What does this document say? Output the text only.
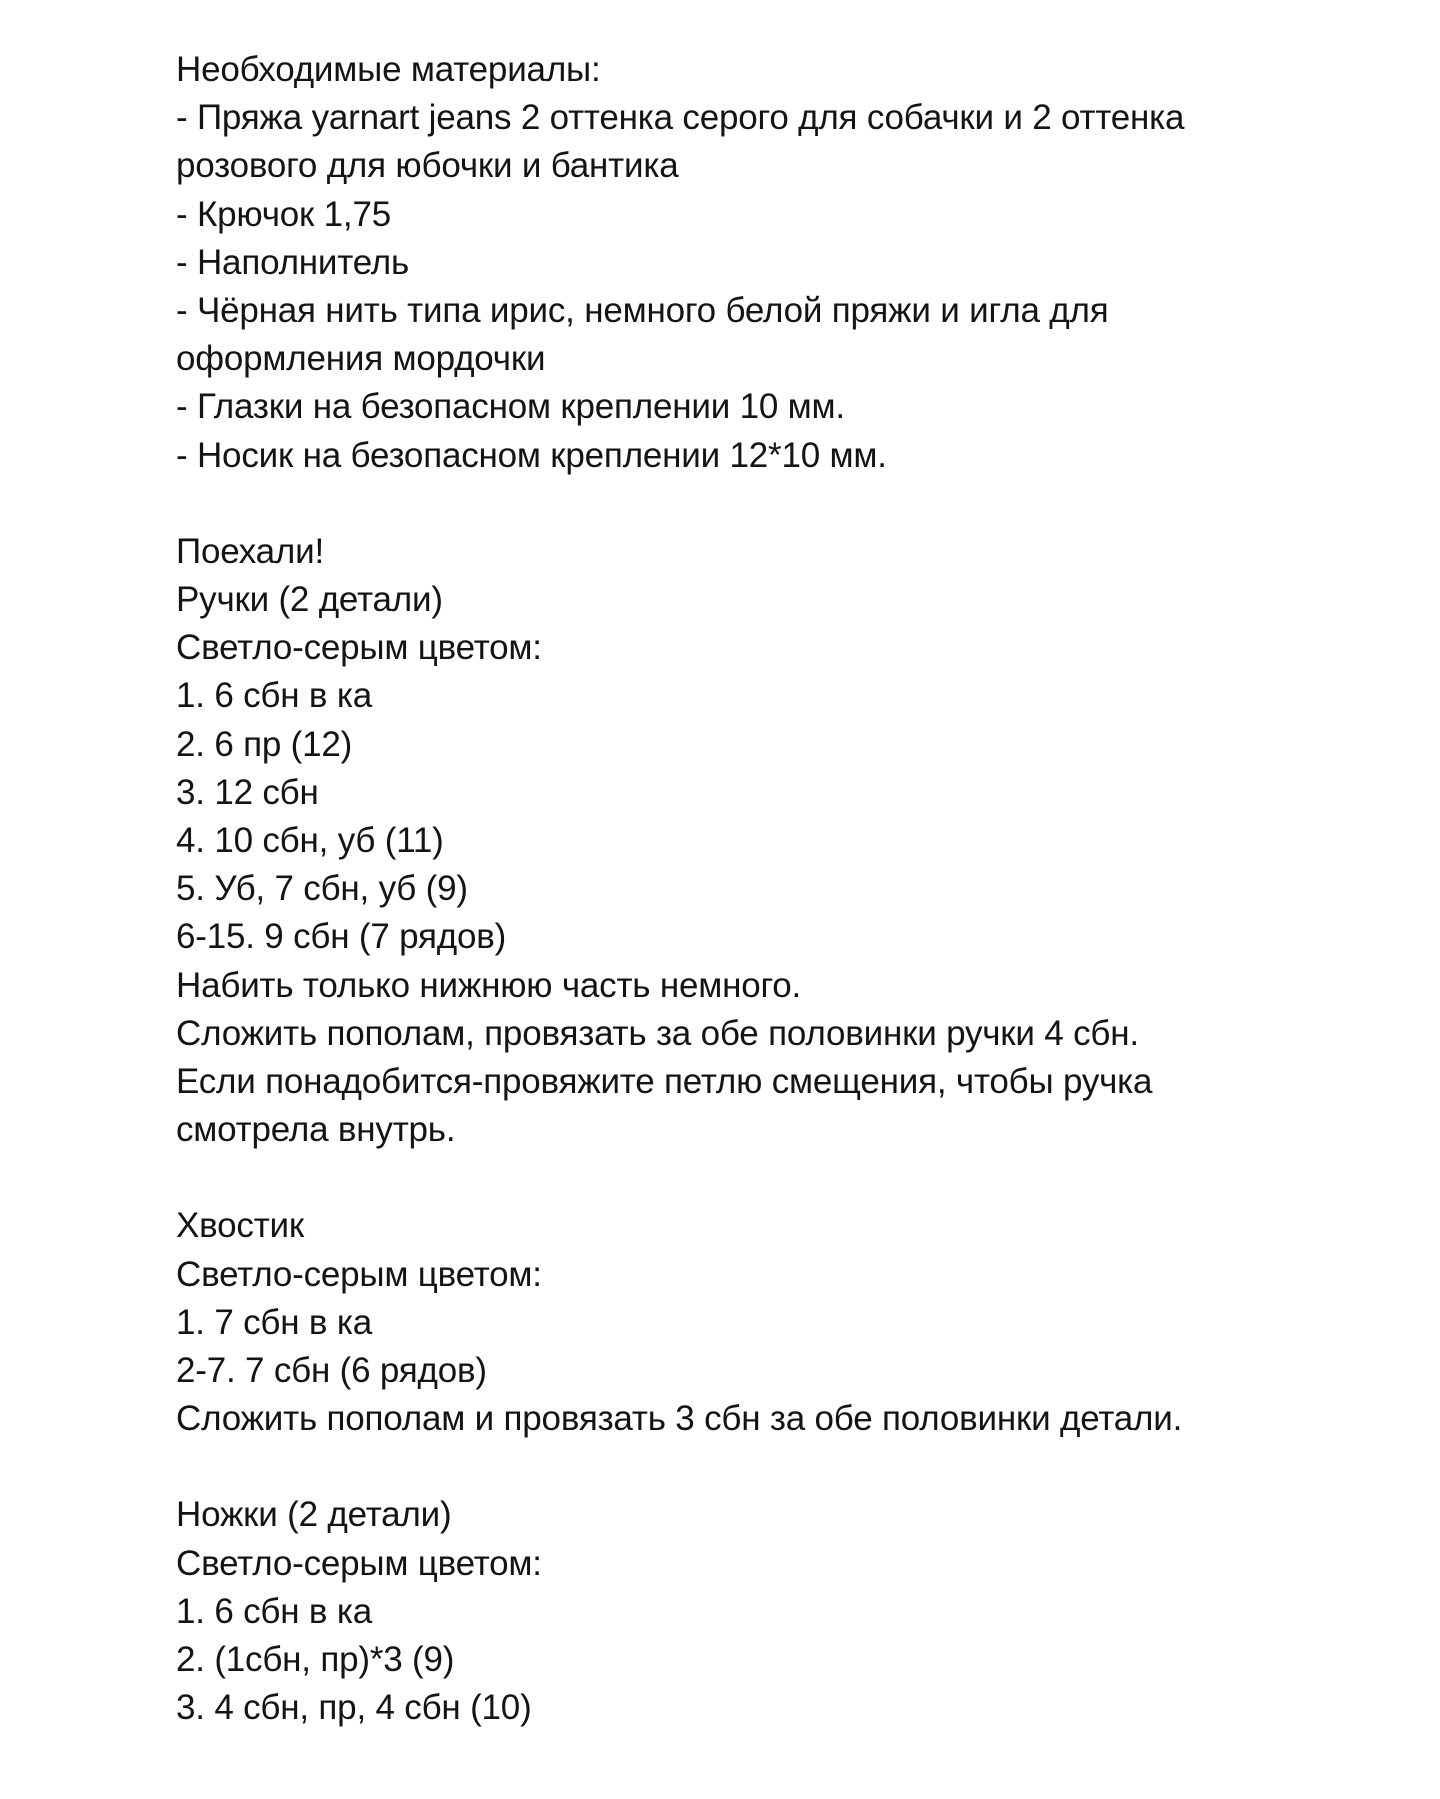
Необходимые материалы:

- Пряжа yarnart jeans 2 оттенка серого для собачки и 2 оттенка

розового для юбочки и бантика

- Крючок 1,75

- Наполнитель

- Чёрная нить типа ирис, немного белой пряжи и игла для

оформления мордочки

- Глазки на безопасном креплении 10 мм.

- Носик на безопасном креплении 12*10 мм.

Поехали!

Ручки (2 детали)

Светло-серым цветом:

1. 6 сбн в ка

2. 6 пр (12)

3. 12 сбн

4. 10 сбн, уб (11)

5. Уб, 7 сбн, уб (9)

6-15. 9 сбн (7 рядов)

Набить только нижнюю часть немного.

Сложить пополам, провязать за обе половинки ручки 4 сбн.

Если понадобится-провяжите петлю смещения, чтобы ручка

смотрела внутрь.

Хвостик

Светло-серым цветом:

1. 7 сбн в ка

2-7. 7 сбн (6 рядов)

Сложить пополам и провязать 3 сбн за обе половинки детали.

Ножки (2 детали)

Светло-серым цветом:

1. 6 сбн в ка

2. (1сбн, пр)*3 (9)

3. 4 сбн, пр, 4 сбн (10)
